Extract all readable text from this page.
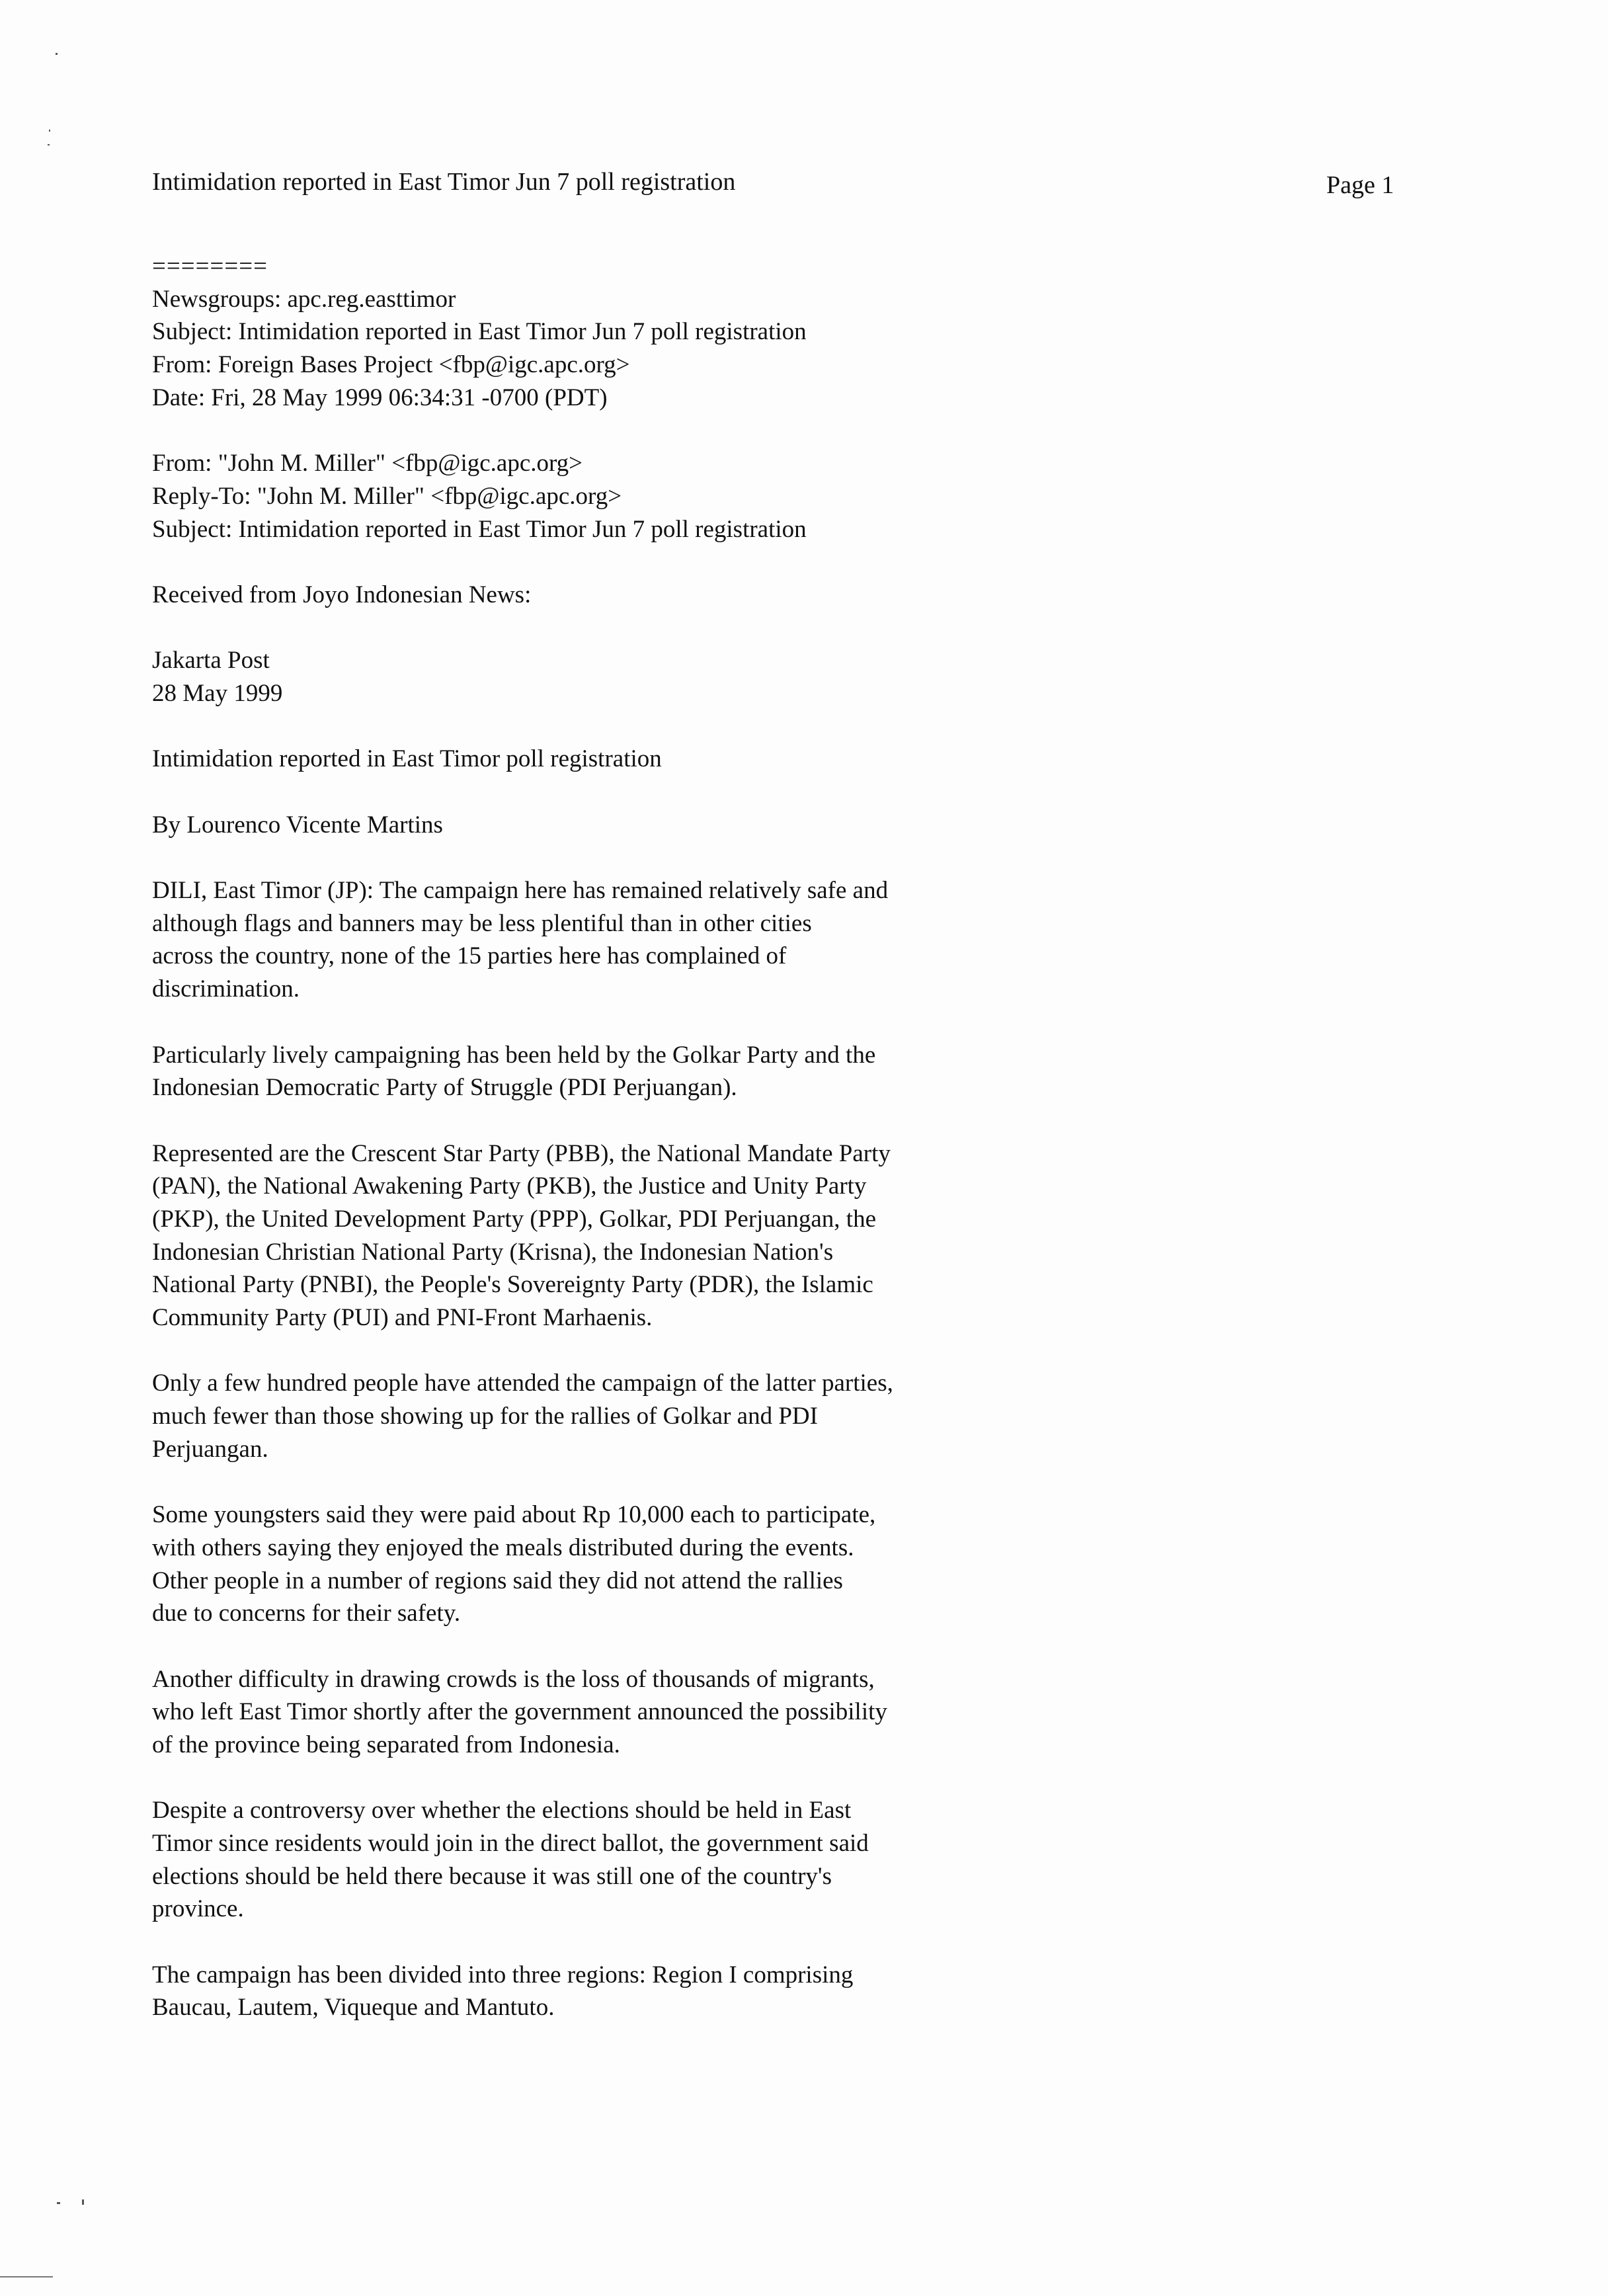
Intimidation reported in East Timor Jun 7 poll registration	Page 1
========
Newsgroups: apc.reg.easttimor
Subject: Intimidation reported in East Timor Jun 7 poll registration
From: Foreign Bases Project <fbp@igc.apc.org>
Date: Fri, 28 May 1999 06:34:31 -0700 (PDT)
From: "John M. Miller" <fbp@igc.apc.org>
Reply-To: "John M. Miller" <fbp@igc.apc.org>
Subject: Intimidation reported in East Timor Jun 7 poll registration
Received from Joyo Indonesian News:
Jakarta Post
28 May 1999
Intimidation reported in East Timor poll registration
By Lourenco Vicente Martins
DILI, East Timor (JP): The campaign here has remained relatively safe and
although flags and banners may be less plentiful than in other cities
across the country, none of the 15 parties here has complained of
discrimination.
Particularly lively campaigning has been held by the Golkar Party and the
Indonesian Democratic Party of Struggle (PDI Perjuangan).
Represented are the Crescent Star Party (PBB), the National Mandate Party
(PAN), the National Awakening Party (PKB), the Justice and Unity Party
(PKP), the United Development Party (PPP), Golkar, PDI Perjuangan, the
Indonesian Christian National Party (Krisna), the Indonesian Nation's
National Party (PNBI), the People's Sovereignty Party (PDR), the Islamic
Community Party (PUI) and PNI-Front Marhaenis.
Only a few hundred people have attended the campaign of the latter parties,
much fewer than those showing up for the rallies of Golkar and PDI
Perjuangan.
Some youngsters said they were paid about Rp 10,000 each to participate,
with others saying they enjoyed the meals distributed during the events.
Other people in a number of regions said they did not attend the rallies
due to concerns for their safety.
Another difficulty in drawing crowds is the loss of thousands of migrants,
who left East Timor shortly after the government announced the possibility
of the province being separated from Indonesia.
Despite a controversy over whether the elections should be held in East
Timor since residents would join in the direct ballot, the government said
elections should be held there because it was still one of the country's
province.
The campaign has been divided into three regions: Region I comprising
Baucau, Lautem, Viqueque and Mantuto.
